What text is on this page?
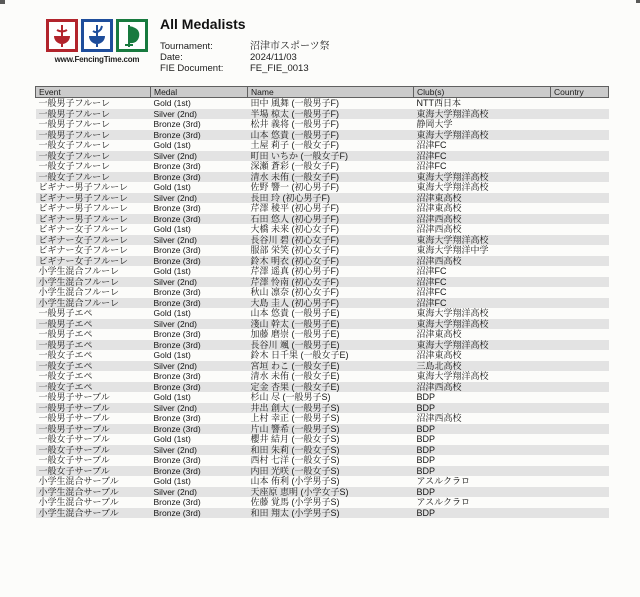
www.FencingTime.com
All Medalists
Tournament:	沼津市スポーツ祭
Date:	2024/11/03
FIE Document:	FE_FIE_0013
Event	Medal	Name	Club(s)	Country
一般男子フルーレ	Gold (1st)	田中 風舞 (一般男子F)	NTT西日本	
一般男子フルーレ	Silver (2nd)	半場 椋太 (一般男子F)	東海大学翔洋高校	
一般男子フルーレ	Bronze (3rd)	松井 義将 (一般男子F)	静岡大学	
一般男子フルーレ	Bronze (3rd)	山本 悠貴 (一般男子F)	東海大学翔洋高校	
一般女子フルーレ	Gold (1st)	土屋 莉子 (一般女子F)	沼津FC	
一般女子フルーレ	Silver (2nd)	町田 いちか (一般女子F)	沼津FC	
一般女子フルーレ	Bronze (3rd)	深瀬 蒼彩 (一般女子F)	沼津FC	
一般女子フルーレ	Bronze (3rd)	清水 未侑 (一般女子F)	東海大学翔洋高校	
ビギナー男子フルーレ	Gold (1st)	佐野 響一 (初心男子F)	東海大学翔洋高校	
ビギナー男子フルーレ	Silver (2nd)	長田 玲 (初心男子F)	沼津東高校	
ビギナー男子フルーレ	Bronze (3rd)	芹澤 稜平 (初心男子F)	沼津東高校	
ビギナー男子フルーレ	Bronze (3rd)	石田 悠人 (初心男子F)	沼津西高校	
ビギナー女子フルーレ	Gold (1st)	大橋 未来 (初心女子F)	沼津西高校	
ビギナー女子フルーレ	Silver (2nd)	長谷川 碧 (初心女子F)	東海大学翔洋高校	
ビギナー女子フルーレ	Bronze (3rd)	服部 栄笑 (初心女子F)	東海大学翔洋中学	
ビギナー女子フルーレ	Bronze (3rd)	鈴木 明衣 (初心女子F)	沼津西高校	
小学生混合フルーレ	Gold (1st)	芹澤 遥真 (初心男子F)	沼津FC	
小学生混合フルーレ	Silver (2nd)	芹澤 怜南 (初心女子F)	沼津FC	
小学生混合フルーレ	Bronze (3rd)	秋山 凛奈 (初心女子F)	沼津FC	
小学生混合フルーレ	Bronze (3rd)	大島 圭人 (初心男子F)	沼津FC	
一般男子エペ	Gold (1st)	山本 悠貴 (一般男子E)	東海大学翔洋高校	
一般男子エペ	Silver (2nd)	淺山 幹太 (一般男子E)	東海大学翔洋高校	
一般男子エペ	Bronze (3rd)	加藤 磨崇 (一般男子E)	沼津東高校	
一般男子エペ	Bronze (3rd)	長谷川 颯 (一般男子E)	東海大学翔洋高校	
一般女子エペ	Gold (1st)	鈴木 日千果 (一般女子E)	沼津東高校	
一般女子エペ	Silver (2nd)	宮垣 わこ (一般女子E)	三島北高校	
一般女子エペ	Bronze (3rd)	清水 未侑 (一般女子E)	東海大学翔洋高校	
一般女子エペ	Bronze (3rd)	定金 杏果 (一般女子E)	沼津西高校	
一般男子サーブル	Gold (1st)	杉山 尽 (一般男子S)	BDP	
一般男子サーブル	Silver (2nd)	井出 創大 (一般男子S)	BDP	
一般男子サーブル	Bronze (3rd)	上村 幸正 (一般男子S)	沼津西高校	
一般男子サーブル	Bronze (3rd)	片山 響希 (一般男子S)	BDP	
一般女子サーブル	Gold (1st)	櫻井 結月 (一般女子S)	BDP	
一般女子サーブル	Silver (2nd)	和田 朱莉 (一般女子S)	BDP	
一般女子サーブル	Bronze (3rd)	西村 七洋 (一般女子S)	BDP	
一般女子サーブル	Bronze (3rd)	内田 光咲 (一般女子S)	BDP	
小学生混合サーブル	Gold (1st)	山本 侑利 (小学男子S)	アスルクラロ	
小学生混合サーブル	Silver (2nd)	天座原 恵明 (小学女子S)	BDP	
小学生混合サーブル	Bronze (3rd)	佐藤 覚馬 (小学男子S)	アスルクラロ	
小学生混合サーブル	Bronze (3rd)	和田 翔太 (小学男子S)	BDP	
